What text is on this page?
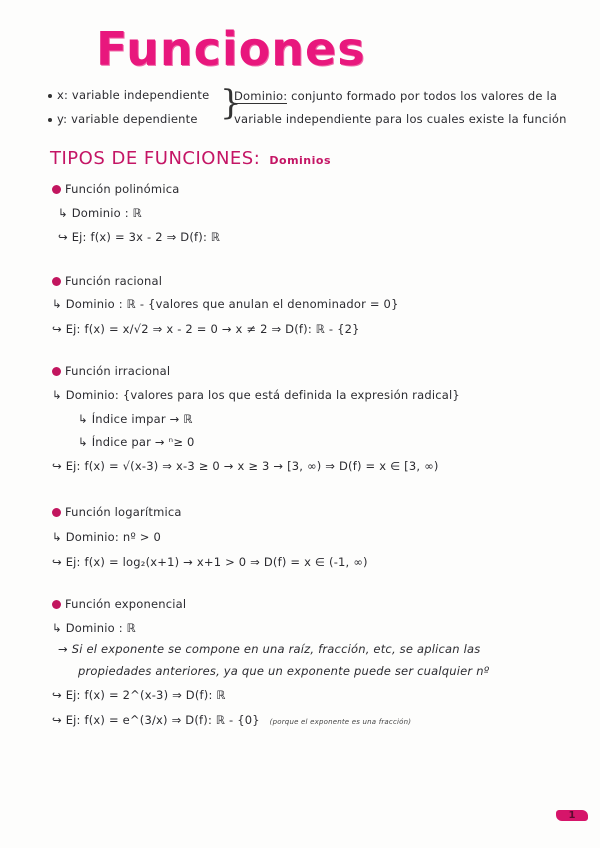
Funciones
x: variable independiente
y: variable dependiente }
Dominio: conjunto formado por todos los valores de la
variable independiente para los cuales existe la función
TIPOS DE FUNCIONES: Dominios
Función polinómica
↳ Dominio : ℝ
↪ Ej: f(x) = 3x - 2 ⇒ D(f): ℝ
Función racional
↳ Dominio : ℝ - {valores que anulan el denominador = 0}
↪ Ej: f(x) = x/√2 ⇒ x - 2 = 0 → x ≠ 2 ⇒ D(f): ℝ - {2}
Función irracional
↳ Dominio: {valores para los que está definida la expresión radical}
↳ Índice impar → ℝ
↳ Índice par → ⁿ≥ 0
↪ Ej: f(x) = √(x-3) ⇒ x-3 ≥ 0 → x ≥ 3 → [3, ∞) ⇒ D(f) = x ∈ [3, ∞)
Función logarítmica
↳ Dominio: nº > 0
↪ Ej: f(x) = log₂(x+1) → x+1 > 0 ⇒ D(f) = x ∈ (-1, ∞)
Función exponencial
↳ Dominio : ℝ
→ Si el exponente se compone en una raíz, fracción, etc, se aplican las
propiedades anteriores, ya que un exponente puede ser cualquier nº
↪ Ej: f(x) = 2^(x-3) ⇒ D(f): ℝ
↪ Ej: f(x) = e^(3/x) ⇒ D(f): ℝ - {0} (porque el exponente es una fracción)
1
